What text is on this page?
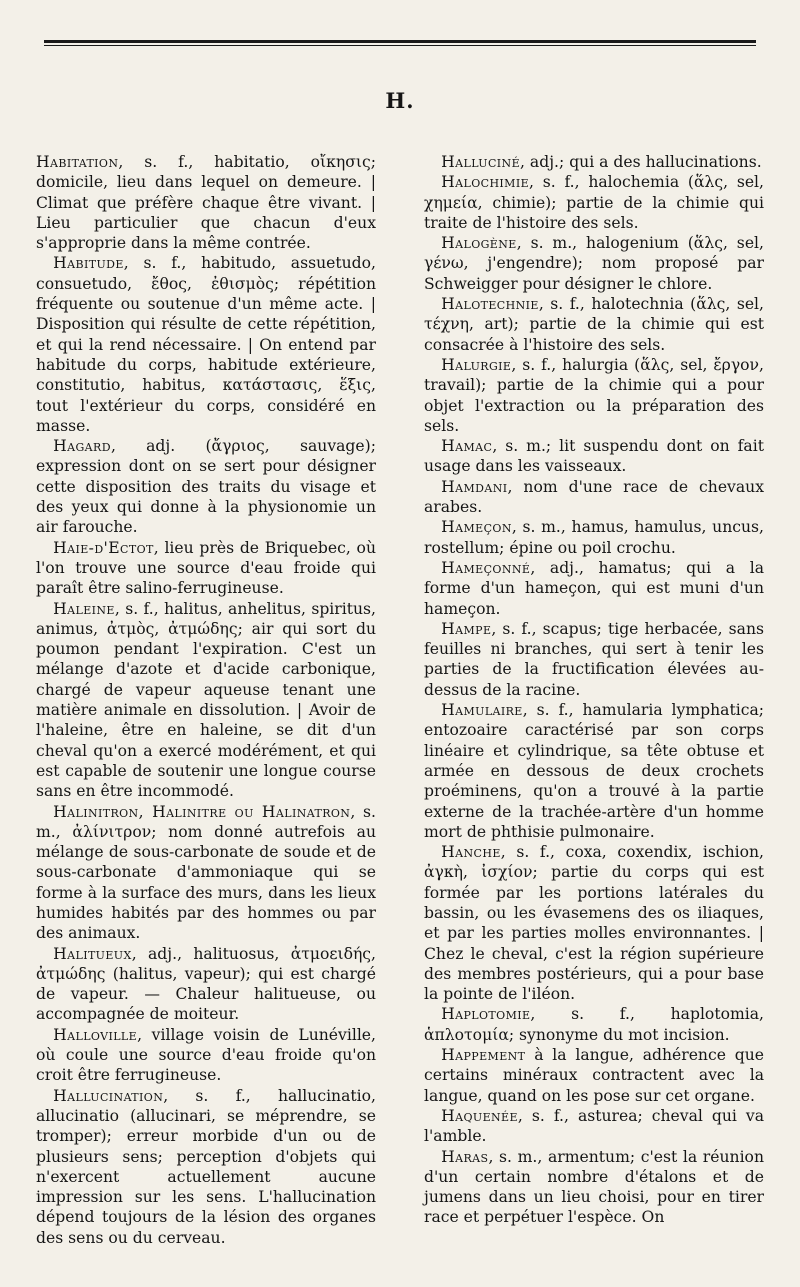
H.

Habitation, s. f., habitatio, οἴκησις; domicile, lieu dans lequel on demeure. | Climat que préfère chaque être vivant. | Lieu particulier que chacun d'eux s'approprie dans la même contrée.

Habitude, s. f., habitudo, assuetudo, consuetudo, ἔθος, ἐθισμὸς; répétition fréquente ou soutenue d'un même acte. | Disposition qui résulte de cette répétition, et qui la rend nécessaire. | On entend par habitude du corps, habitude extérieure, constitutio, habitus, κατάστασις, ἕξις, tout l'extérieur du corps, considéré en masse.

Hagard, adj. (ἄγριος, sauvage); expression dont on se sert pour désigner cette disposition des traits du visage et des yeux qui donne à la physionomie un air farouche.

Haie-d'Ectot, lieu près de Briquebec, où l'on trouve une source d'eau froide qui paraît être salino-ferrugineuse.

Haleine, s. f., halitus, anhelitus, spiritus, animus, ἀτμὸς, ἀτμώδης; air qui sort du poumon pendant l'expiration. C'est un mélange d'azote et d'acide carbonique, chargé de vapeur aqueuse tenant une matière animale en dissolution. | Avoir de l'haleine, être en haleine, se dit d'un cheval qu'on a exercé modérément, et qui est capable de soutenir une longue course sans en être incommodé.

Halinitron, Halinitre ou Halinatron, s. m., ἀλίνιτρον; nom donné autrefois au mélange de sous-carbonate de soude et de sous-carbonate d'ammoniaque qui se forme à la surface des murs, dans les lieux humides habités par des hommes ou par des animaux.

Halituеux, adj., halituosus, ἀτμοειδής, ἀτμώδης (halitus, vapeur); qui est chargé de vapeur. — Chaleur halituеuse, ou accompagnée de moiteur.

Halloville, village voisin de Lunéville, où coule une source d'eau froide qu'on croit être ferrugineuse.

Hallucination, s. f., hallucinatio, allucinatio (allucinari, se méprendre, se tromper); erreur morbide d'un ou de plusieurs sens; perception d'objets qui n'exercent actuellement aucune impression sur les sens. L'hallucination dépend toujours de la lésion des organes des sens ou du cerveau.

Halluciné, adj.; qui a des hallucinations.

Halochimie, s. f., halochemia (ἅλς, sel, χημεία, chimie); partie de la chimie qui traite de l'histoire des sels.

Halogène, s. m., halogenium (ἅλς, sel, γένω, j'engendre); nom proposé par Schweigger pour désigner le chlore.

Halotechnie, s. f., halotechnia (ἅλς, sel, τέχνη, art); partie de la chimie qui est consacrée à l'histoire des sels.

Halurgie, s. f., halurgia (ἅλς, sel, ἔργον, travail); partie de la chimie qui a pour objet l'extraction ou la préparation des sels.

Hamac, s. m.; lit suspendu dont on fait usage dans les vaisseaux.

Hamdani, nom d'une race de chevaux arabes.

Hameçon, s. m., hamus, hamulus, uncus, rostellum; épine ou poil crochu.

Hameçonné, adj., hamatus; qui a la forme d'un hameçon, qui est muni d'un hameçon.

Hampe, s. f., scapus; tige herbacée, sans feuilles ni branches, qui sert à tenir les parties de la fructification élevées au-dessus de la racine.

Hamulaire, s. f., hamularia lymphatica; entozoaire caractérisé par son corps linéaire et cylindrique, sa tête obtuse et armée en dessous de deux crochets proéminens, qu'on a trouvé à la partie externe de la trachée-artère d'un homme mort de phthisie pulmonaire.

Hanche, s. f., coxa, coxendix, ischion, ἀγκὴ, ἰσχίον; partie du corps qui est formée par les portions latérales du bassin, ou les évasemens des os iliaques, et par les parties molles environnantes. | Chez le cheval, c'est la région supérieure des membres postérieurs, qui a pour base la pointe de l'iléon.

Haplotomie, s. f., haplotomia, ἁπλοτομία; synonyme du mot incision.

Happement à la langue, adhérence que certains minéraux contractent avec la langue, quand on les pose sur cet organe.

Haquenée, s. f., asturea; cheval qui va l'amble.

Haras, s. m., armentum; c'est la réunion d'un certain nombre d'étalons et de jumens dans un lieu choisi, pour en tirer race et perpétuer l'espèce. On
